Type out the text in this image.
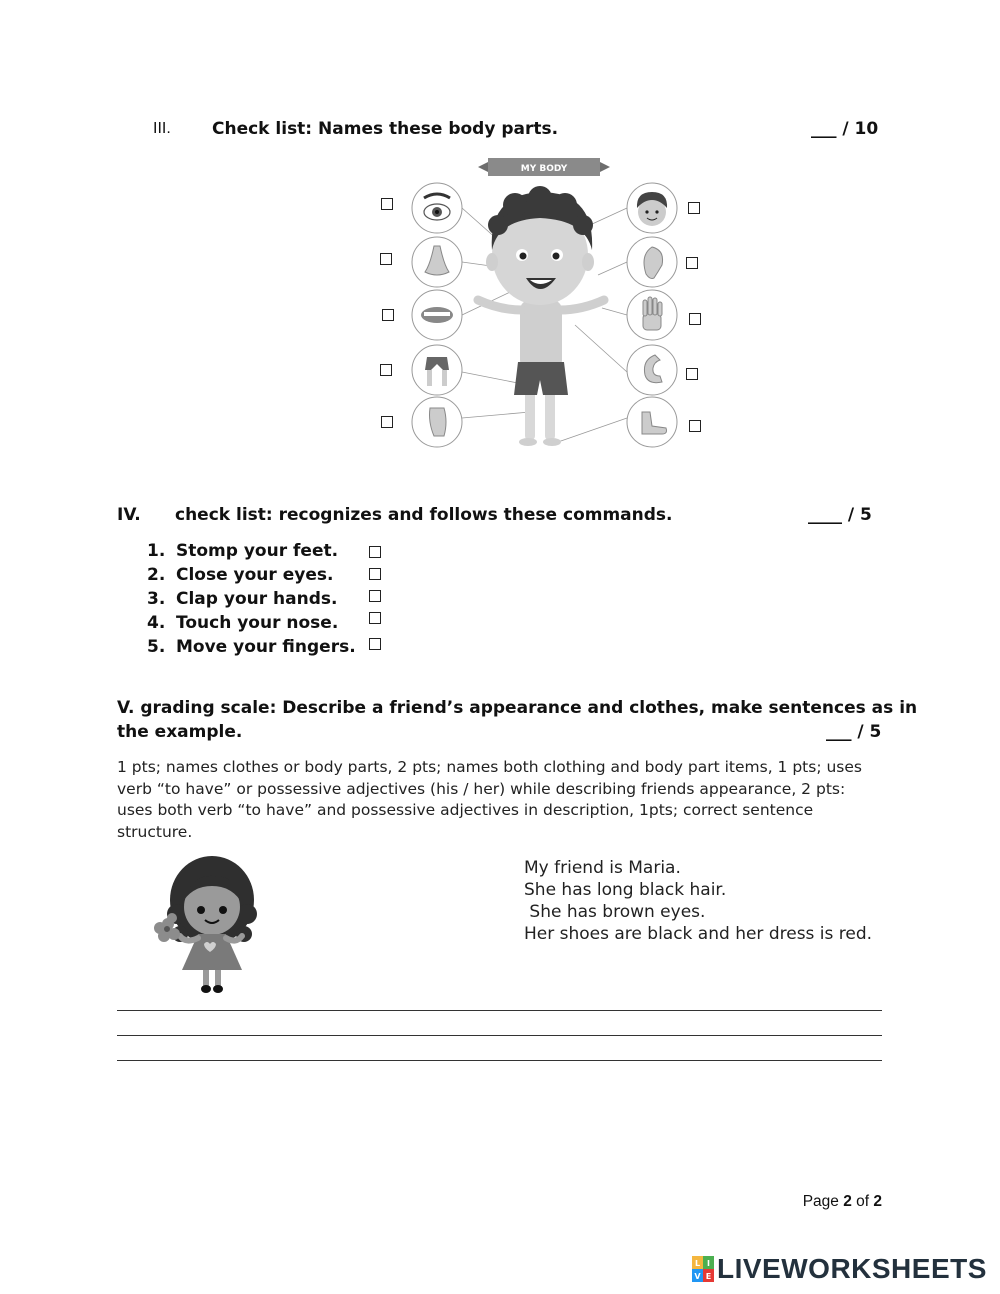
III. Check list: Names these body parts.	___ / 10
MY BODY
IV. check list: recognizes and follows these commands.	____ / 5
1. Stomp your feet.
2. Close your eyes.
3. Clap your hands.
4. Touch your nose.
5. Move your fingers.
V. grading scale: Describe a friend’s appearance and clothes, make sentences as in
the example.	___ / 5
1 pts; names clothes or body parts, 2 pts; names both clothing and body part items, 1 pts; uses verb “to have” or possessive adjectives (his / her) while describing friends appearance, 2 pts: uses both verb “to have” and possessive adjectives in description, 1pts; correct sentence structure.
My friend is Maria.
She has long black hair.
She has brown eyes.
Her shoes are black and her dress is red.
Page 2 of 2
L I
V E LIVEWORKSHEETS
